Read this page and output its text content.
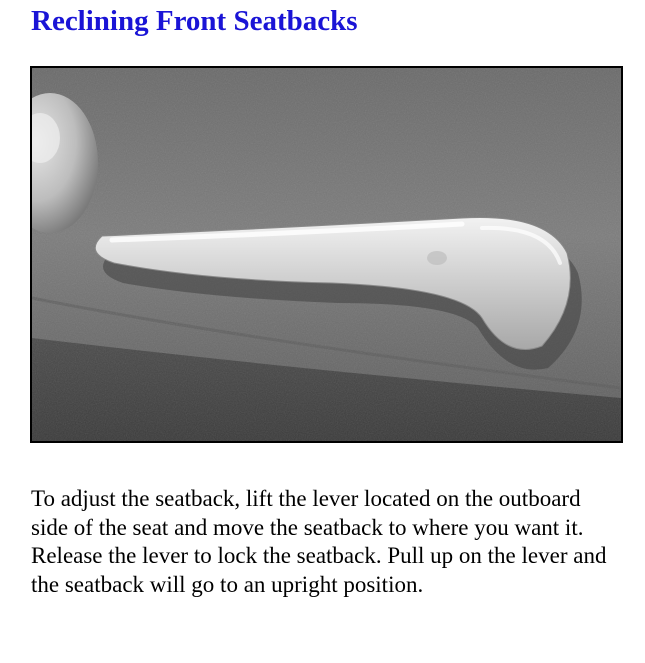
Reclining Front Seatbacks

To adjust the seatback, lift the lever located on the outboard side of the seat and move the seatback to where you want it. Release the lever to lock the seatback. Pull up on the lever and the seatback will go to an upright position.
